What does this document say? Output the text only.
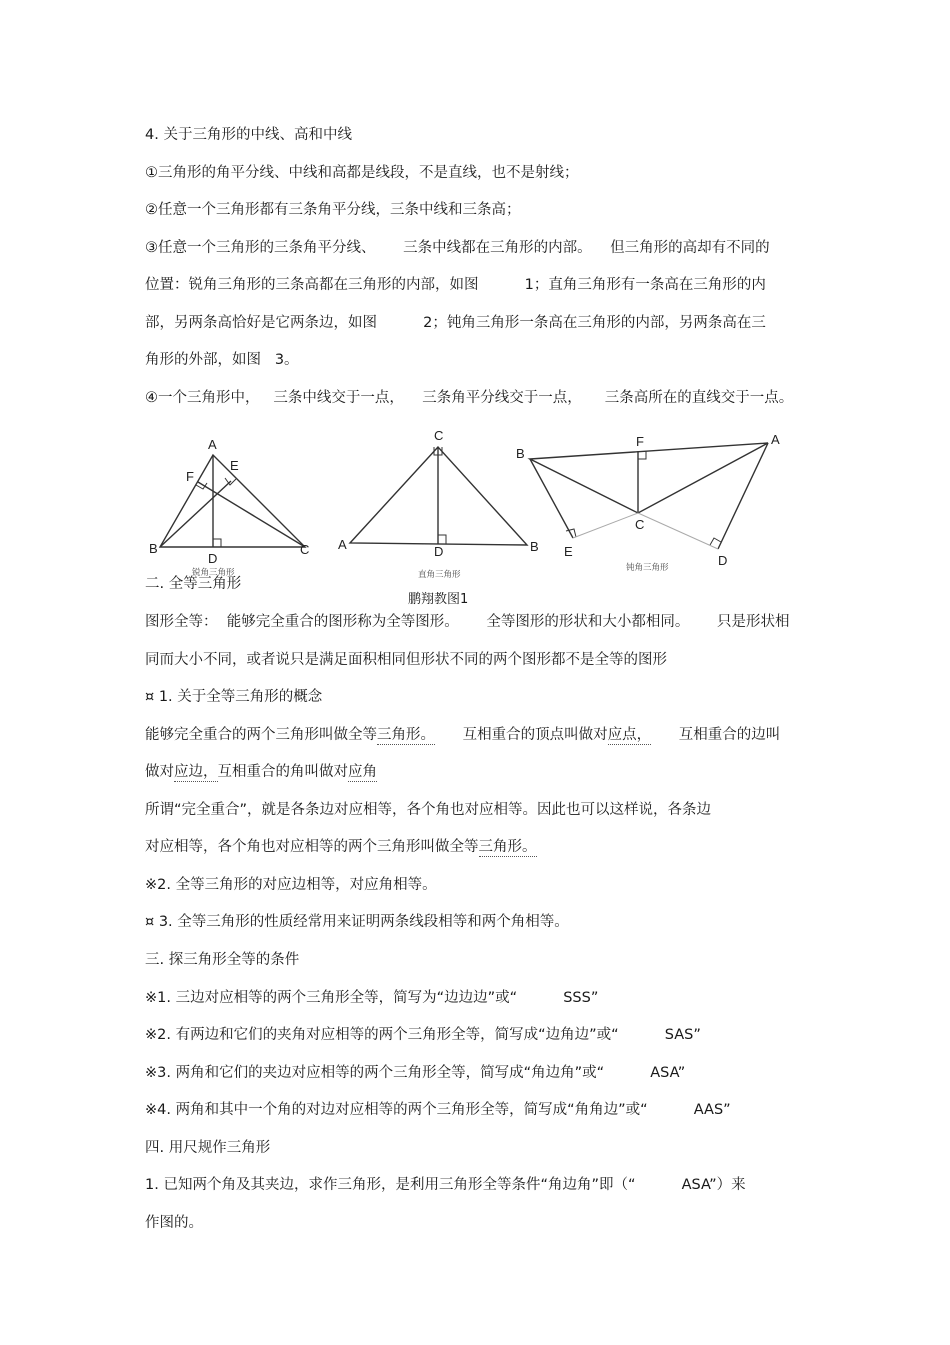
4. 关于三角形的中线、高和中线
①三角形的角平分线、中线和高都是线段，不是直线，也不是射线；
②任意一个三角形都有三条角平分线，三条中线和三条高；
③任意一个三角形的三条角平分线、      三条中线都在三角形的内部。    但三角形的高却有不同的
位置：锐角三角形的三条高都在三角形的内部，如图          1；直角三角形有一条高在三角形的内
部，另两条高恰好是它两条边，如图          2；钝角三角形一条高在三角形的内部，另两条高在三
角形的外部，如图   3。
④一个三角形中，   三条中线交于一点，    三条角平分线交于一点，     三条高所在的直线交于一点。
A
E
F
B
D
C
C
A	D	B
F	A
B
C
E
D
锐角三角形	直角三角形
钝角三角形
二. 全等三角形
鹏翔教图1
图形全等：  能够完全重合的图形称为全等图形。      全等图形的形状和大小都相同。      只是形状相
同而大小不同，或者说只是满足面积相同但形状不同的两个图形都不是全等的图形
¤ 1. 关于全等三角形的概念
能够完全重合的两个三角形叫做全等三角形。      互相重合的顶点叫做对应点，      互相重合的边叫
做对应边，互相重合的角叫做对应角
所谓“完全重合”，就是各条边对应相等，各个角也对应相等。因此也可以这样说，各条边
对应相等，各个角也对应相等的两个三角形叫做全等三角形。
※2. 全等三角形的对应边相等，对应角相等。
¤ 3. 全等三角形的性质经常用来证明两条线段相等和两个角相等。
三. 探三角形全等的条件
※1. 三边对应相等的两个三角形全等，简写为“边边边”或“          SSS”
※2. 有两边和它们的夹角对应相等的两个三角形全等，简写成“边角边”或“          SAS”
※3. 两角和它们的夹边对应相等的两个三角形全等，简写成“角边角”或“          ASA”
※4. 两角和其中一个角的对边对应相等的两个三角形全等，简写成“角角边”或“          AAS”
四. 用尺规作三角形
1. 已知两个角及其夹边，求作三角形，是利用三角形全等条件“角边角”即（“          ASA”）来
作图的。
